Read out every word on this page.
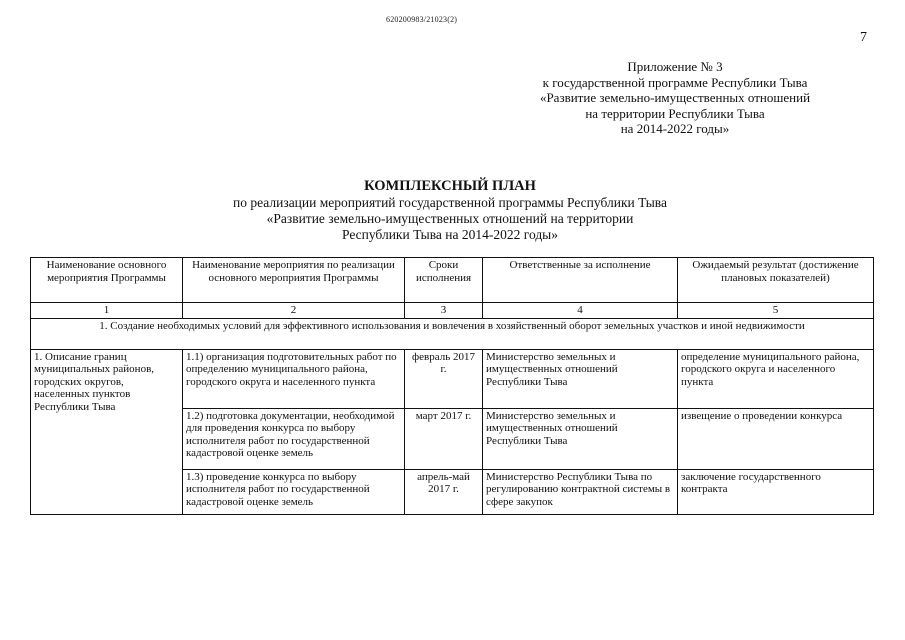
620200983/21023(2)
7
Приложение № 3
к государственной программе Республики Тыва
«Развитие земельно-имущественных отношений
на территории Республики Тыва
на 2014-2022 годы»
КОМПЛЕКСНЫЙ ПЛАН
по реализации мероприятий государственной программы Республики Тыва
«Развитие земельно-имущественных отношений на территории
Республики Тыва на 2014-2022 годы»
Наименование основного мероприятия Программы	Наименование мероприятия по реализации основного мероприятия Программы	Сроки исполнения	Ответственные за исполнение	Ожидаемый результат (достижение плановых показателей)
1	2	3	4	5
1. Создание необходимых условий для эффективного использования и вовлечения в хозяйственный оборот земельных участков и иной недвижимости				
1. Описание границ муниципальных районов, городских округов, населенных пунктов Республики Тыва	1.1) организация подготовительных работ по определению муниципального района, городского округа и населенного пункта	февраль 2017 г.	Министерство земельных и имущественных отношений Республики Тыва	определение муниципального района, городского округа и населенного пункта
	1.2) подготовка документации, необходимой для проведения конкурса по выбору исполнителя работ по государственной кадастровой оценке земель	март 2017 г.	Министерство земельных и имущественных отношений Республики Тыва	извещение о проведении конкурса
	1.3) проведение конкурса по выбору исполнителя работ по государственной кадастровой оценке земель	апрель-май 2017 г.	Министерство Республики Тыва по регулированию контрактной системы в сфере закупок	заключение государственного контракта
